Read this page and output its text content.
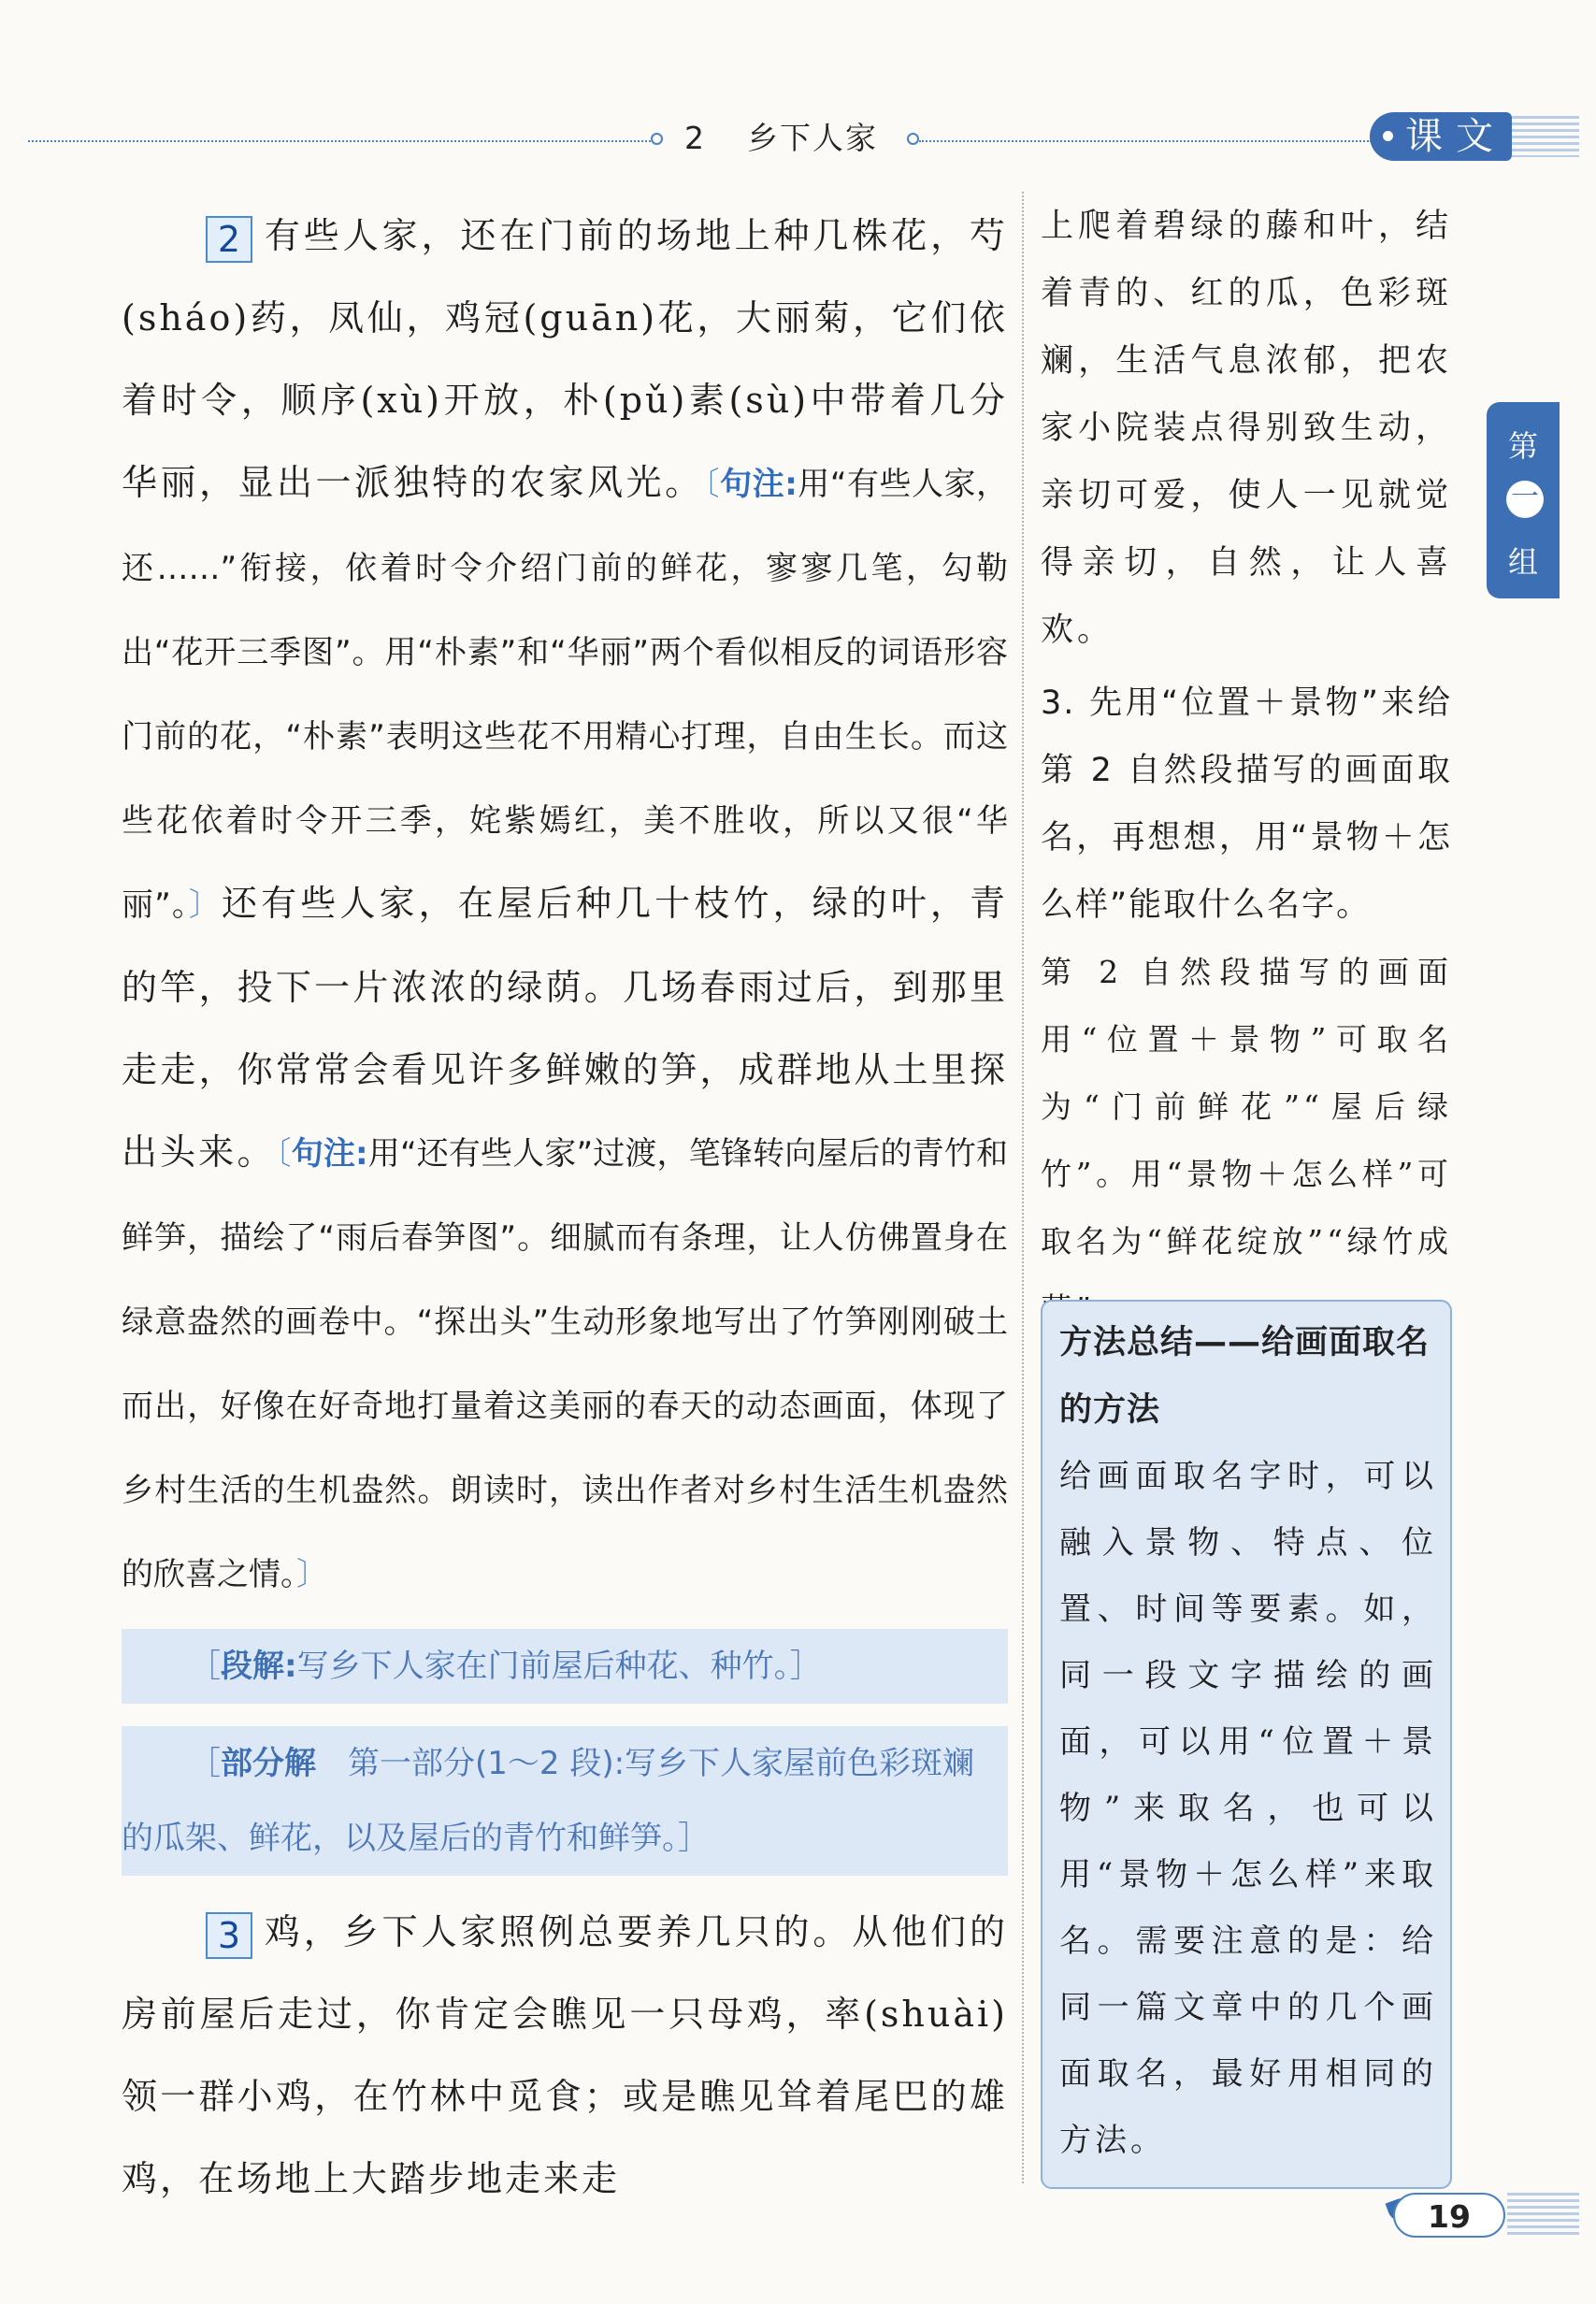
2 乡下人家	课文
第
一
组

2 有些人家，还在门前的场地上种几株花，芍(sháo)药，凤仙，鸡冠(guān)花，大丽菊，它们依着时令，顺序(xù)开放，朴(pǔ)素(sù)中带着几分华丽，显出一派独特的农家风光。〔句注:用“有些人家，还……”衔接，依着时令介绍门前的鲜花，寥寥几笔，勾勒出“花开三季图”。用“朴素”和“华丽”两个看似相反的词语形容门前的花，“朴素”表明这些花不用精心打理，自由生长。而这些花依着时令开三季，姹紫嫣红，美不胜收，所以又很“华丽”。〕还有些人家，在屋后种几十枝竹，绿的叶，青的竿，投下一片浓浓的绿荫。几场春雨过后，到那里走走，你常常会看见许多鲜嫩的笋，成群地从土里探出头来。〔句注:用“还有些人家”过渡，笔锋转向屋后的青竹和鲜笋，描绘了“雨后春笋图”。细腻而有条理，让人仿佛置身在绿意盎然的画卷中。“探出头”生动形象地写出了竹笋刚刚破土而出，好像在好奇地打量着这美丽的春天的动态画面，体现了乡村生活的生机盎然。朗读时，读出作者对乡村生活生机盎然的欣喜之情。〕

［段解:写乡下人家在门前屋后种花、种竹。］
［部分解　 第一部分(1～2 段):写乡下人家屋前色彩斑斓的瓜架、鲜花，以及屋后的青竹和鲜笋。］

3 鸡，乡下人家照例总要养几只的。从他们的房前屋后走过，你肯定会瞧见一只母鸡，率(shuài)领一群小鸡，在竹林中觅食；或是瞧见耸着尾巴的雄鸡，在场地上大踏步地走来走

上爬着碧绿的藤和叶，结着青的、红的瓜，色彩斑斓，生活气息浓郁，把农家小院装点得别致生动，亲切可爱，使人一见就觉得亲切，自然，让人喜欢。

3. 先用“位置＋景物”来给第 2 自然段描写的画面取名，再想想，用“景物＋怎么样”能取什么名字。

第 2 自然段描写的画面用“位置＋景物”可取名为“门前鲜花”“屋后绿竹”。用“景物＋怎么样”可取名为“鲜花绽放”“绿竹成

方法总结——给画面取名的方法

给画面取名字时，可以融入景物、特点、位置、时间等要素。如，同一段文字描绘的画面，可以用“位置＋景物”来取名，也可以用“景物＋怎么样”来取名。需要注意的是：给同一篇文章中的几个画面取名，最好用相同的方法。

19
